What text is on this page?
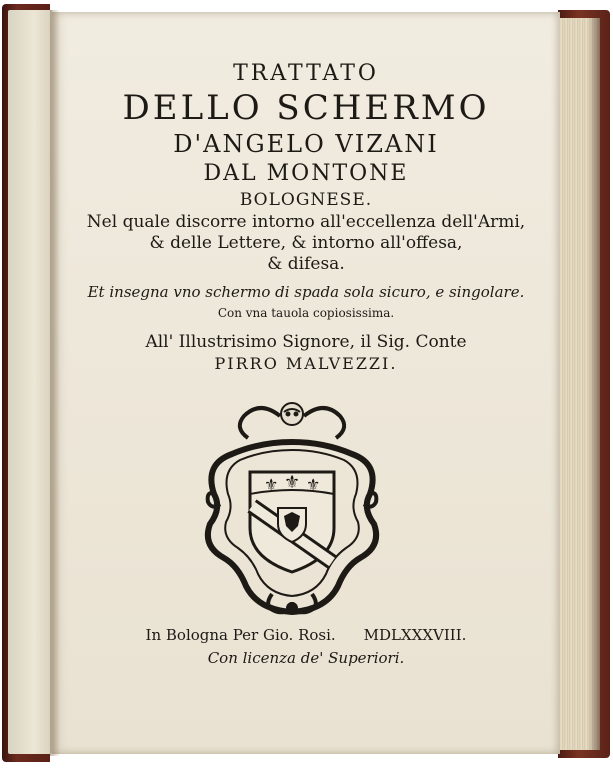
TRATTATO
DELLO SCHERMO
D'ANGELO VIZANI
DAL MONTONE
BOLOGNESE.
Nel quale discorre intorno all'eccellenza dell'Armi,
& delle Lettere, & intorno all'offesa,
& difesa.
Et insegna vno schermo di spada sola sicuro, e singolare.
Con vna tauola copiosissima.
All' Illustrisimo Signore, il Sig. Conte
PIRRO MALVEZZI.
⚜ ⚜ ⚜
In Bologna Per Gio. Rosi. MDLXXXVIII.
Con licenza de' Superiori.
